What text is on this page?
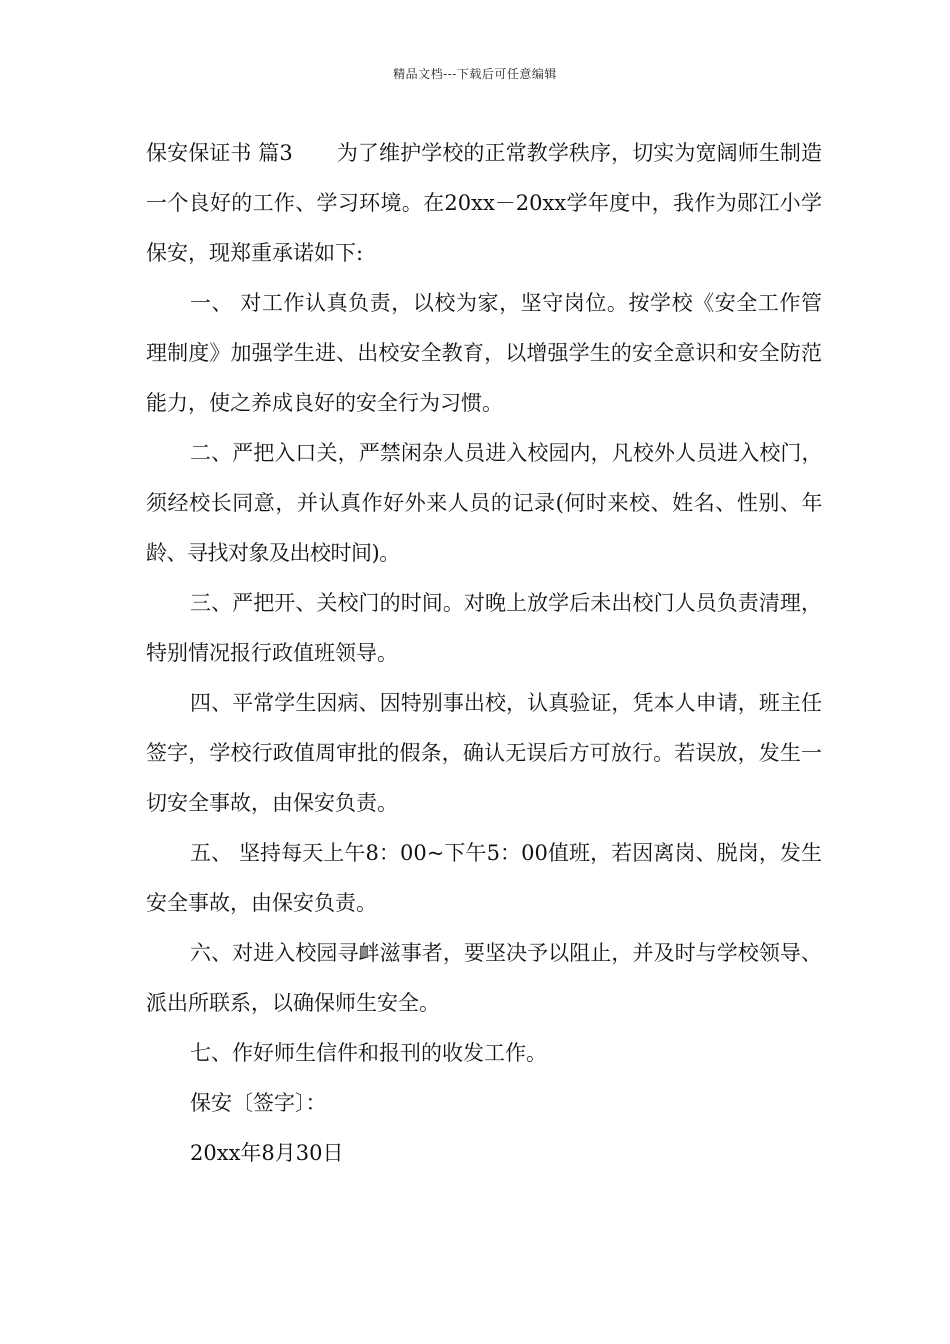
精品文档---下载后可任意编辑

保安保证书 篇3 为了维护学校的正常教学秩序，切实为宽阔师生制造一个良好的工作、学习环境。在20xx－20xx学年度中，我作为郧江小学保安，现郑重承诺如下:

一、 对工作认真负责，以校为家，坚守岗位。按学校《安全工作管理制度》加强学生进、出校安全教育，以增强学生的安全意识和安全防范能力，使之养成良好的安全行为习惯。

二、严把入口关，严禁闲杂人员进入校园内，凡校外人员进入校门，须经校长同意，并认真作好外来人员的记录(何时来校、姓名、性别、年龄、寻找对象及出校时间)。

三、严把开、关校门的时间。对晚上放学后未出校门人员负责清理，特别情况报行政值班领导。

四、平常学生因病、因特别事出校，认真验证，凭本人申请，班主任签字，学校行政值周审批的假条，确认无误后方可放行。若误放，发生一切安全事故，由保安负责。

五、 坚持每天上午8：00~下午5：00值班，若因离岗、脱岗，发生安全事故，由保安负责。

六、对进入校园寻衅滋事者，要坚决予以阻止，并及时与学校领导、派出所联系，以确保师生安全。

七、作好师生信件和报刊的收发工作。

保安〔签字〕：

20xx年8月30日
